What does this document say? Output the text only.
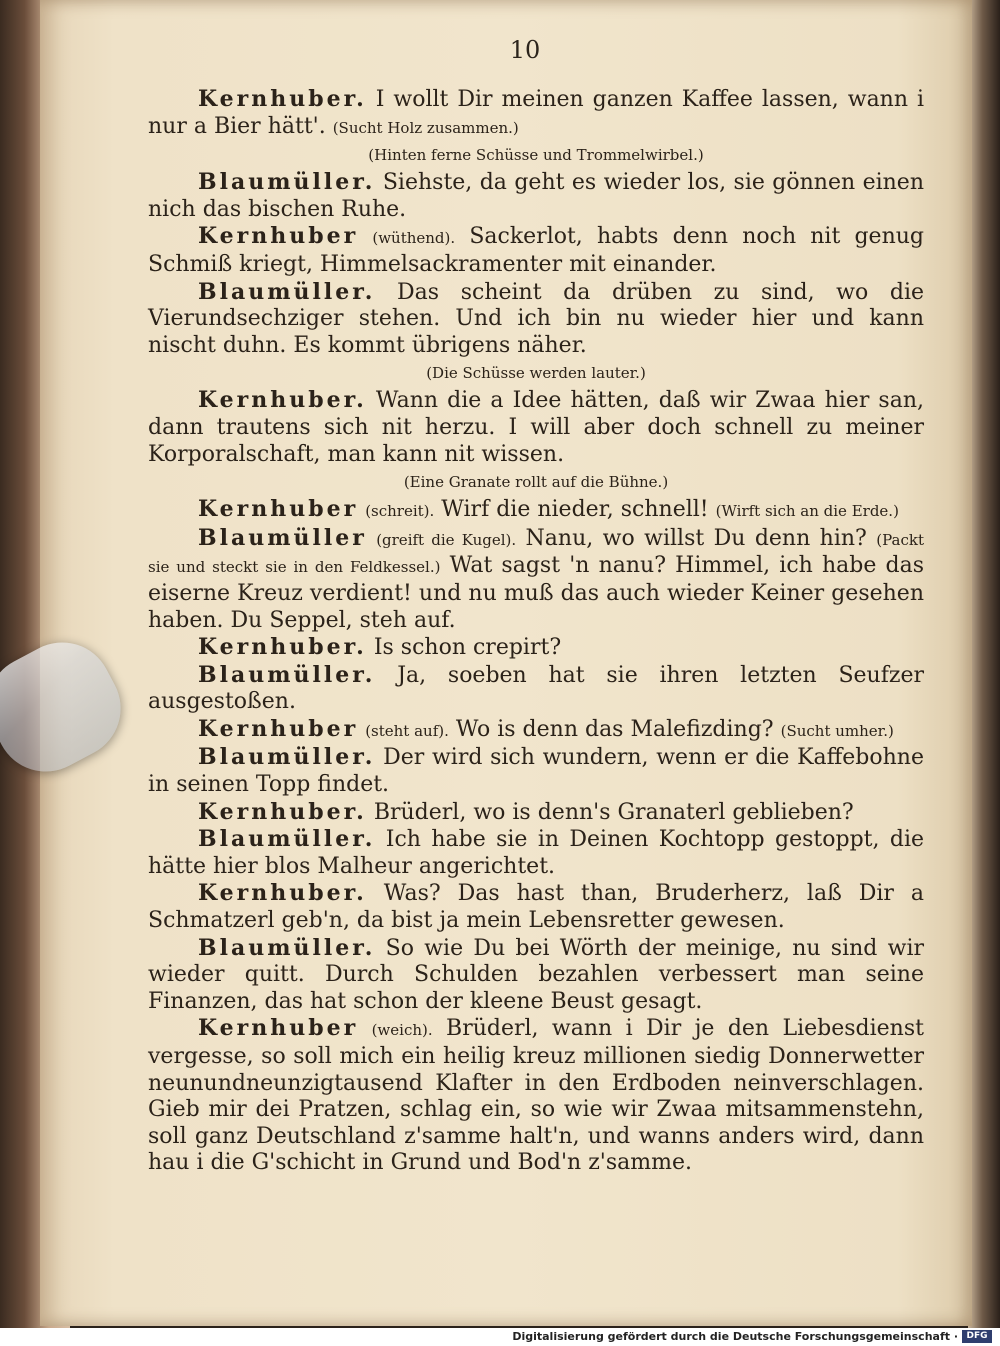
10

Kernhuber. I wollt Dir meinen ganzen Kaffee lassen, wann i nur a Bier hätt'. (Sucht Holz zusammen.)

(Hinten ferne Schüsse und Trommelwirbel.)

Blaumüller. Siehste, da geht es wieder los, sie gönnen einen nich das bischen Ruhe.

Kernhuber (wüthend). Sackerlot, habts denn noch nit genug Schmiß kriegt, Himmelsackramenter mit einander.

Blaumüller. Das scheint da drüben zu sind, wo die Vierundsechziger stehen. Und ich bin nu wieder hier und kann nischt duhn. Es kommt übrigens näher.

(Die Schüsse werden lauter.)

Kernhuber. Wann die a Idee hätten, daß wir Zwaa hier san, dann trautens sich nit herzu. I will aber doch schnell zu meiner Korporalschaft, man kann nit wissen.

(Eine Granate rollt auf die Bühne.)

Kernhuber (schreit). Wirf die nieder, schnell! (Wirft sich an die Erde.)

Blaumüller (greift die Kugel). Nanu, wo willst Du denn hin? (Packt sie und steckt sie in den Feldkessel.) Wat sagst 'n nanu? Himmel, ich habe das eiserne Kreuz verdient! und nu muß das auch wieder Keiner gesehen haben. Du Seppel, steh auf.

Kernhuber. Is schon crepirt?

Blaumüller. Ja, soeben hat sie ihren letzten Seufzer ausgestoßen.

Kernhuber (steht auf). Wo is denn das Malefizding? (Sucht umher.)

Blaumüller. Der wird sich wundern, wenn er die Kaffebohne in seinen Topp findet.

Kernhuber. Brüderl, wo is denn's Granaterl geblieben?

Blaumüller. Ich habe sie in Deinen Kochtopp gestoppt, die hätte hier blos Malheur angerichtet.

Kernhuber. Was? Das hast than, Bruderherz, laß Dir a Schmatzerl geb'n, da bist ja mein Lebensretter gewesen.

Blaumüller. So wie Du bei Wörth der meinige, nu sind wir wieder quitt. Durch Schulden bezahlen verbessert man seine Finanzen, das hat schon der kleene Beust gesagt.

Kernhuber (weich). Brüderl, wann i Dir je den Liebesdienst vergesse, so soll mich ein heilig kreuz millionen siedig Donnerwetter neunundneunzigtausend Klafter in den Erdboden neinverschlagen. Gieb mir dei Pratzen, schlag ein, so wie wir Zwaa mitsammenstehn, soll ganz Deutschland z'samme halt'n, und wanns anders wird, dann hau i die G'schicht in Grund und Bod'n z'samme.

Digitalisierung gefördert durch die Deutsche Forschungsgemeinschaft · DFG
